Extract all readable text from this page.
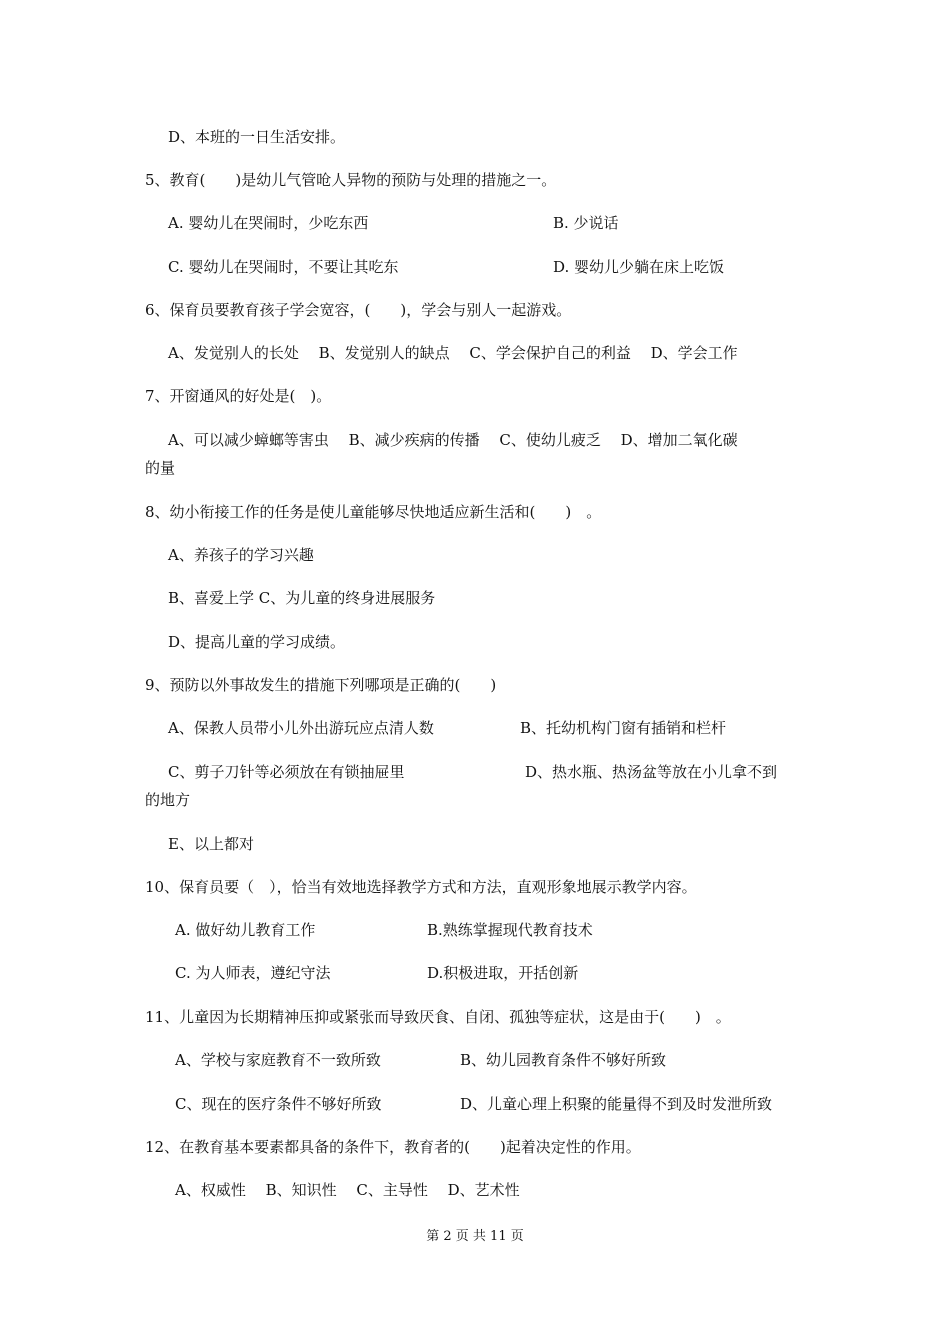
D、本班的一日生活安排。
5、教育(　　)是幼儿气管呛人异物的预防与处理的措施之一。
A. 婴幼儿在哭闹时，少吃东西	B. 少说话
C. 婴幼儿在哭闹时，不要让其吃东	D. 婴幼儿少躺在床上吃饭
6、保育员要教育孩子学会宽容，(　　)，学会与别人一起游戏。
A、发觉别人的长处　 B、发觉别人的缺点　 C、学会保护自己的利益　 D、学会工作
7、开窗通风的好处是(　)。
A、可以减少蟑螂等害虫　 B、减少疾病的传播　 C、使幼儿疲乏　 D、增加二氧化碳
的量
8、幼小衔接工作的任务是使儿童能够尽快地适应新生活和(　　)　。
A、养孩子的学习兴趣
B、喜爱上学 C、为儿童的终身进展服务
D、提高儿童的学习成绩。
9、预防以外事故发生的措施下列哪项是正确的(　　)
A、保教人员带小儿外出游玩应点清人数	B、托幼机构门窗有插销和栏杆
C、剪子刀针等必须放在有锁抽屉里	D、热水瓶、热汤盆等放在小儿拿不到
的地方
E、以上都对
10、保育员要（　），恰当有效地选择教学方式和方法，直观形象地展示教学内容。
A. 做好幼儿教育工作	B.熟练掌握现代教育技术
C. 为人师表，遵纪守法	D.积极进取，开括创新
11、儿童因为长期精神压抑或紧张而导致厌食、自闭、孤独等症状，这是由于(　　)　。
A、学校与家庭教育不一致所致	B、幼儿园教育条件不够好所致
C、现在的医疗条件不够好所致	D、儿童心理上积聚的能量得不到及时发泄所致
12、在教育基本要素都具备的条件下，教育者的(　　)起着决定性的作用。
A、权威性　 B、知识性　 C、主导性　 D、艺术性
第 2 页 共 11 页
